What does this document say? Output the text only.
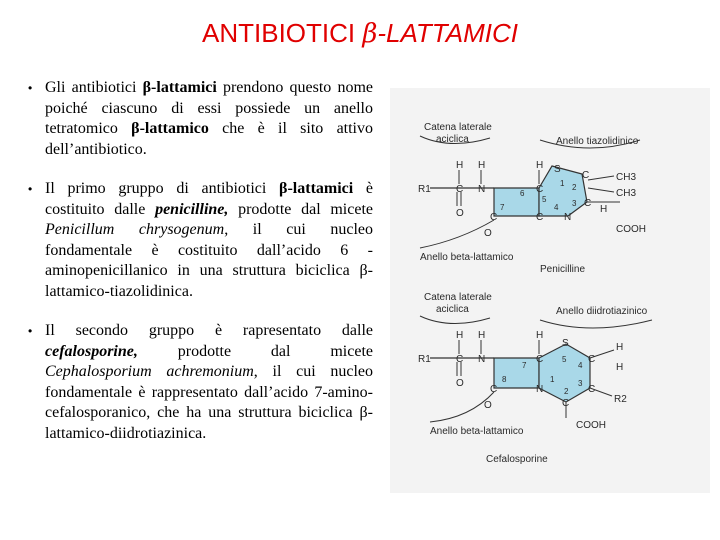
ANTIBIOTICI β-LATTAMICI
• Gli antibiotici β-lattamici prendono questo nome poiché ciascuno di essi possiede un anello tetratomico β-lattamico che è il sito attivo dell’antibiotico.
• Il primo gruppo di antibiotici β-lattamici è costituito dalle penicilline, prodotte dal micete Penicillum chrysogenum, il cui nucleo fondamentale è costituito dall’acido 6 -aminopenicillanico in una struttura biciclica β-lattamico-tiazolidinica.
• Il secondo gruppo è rapresentato dalle cefalosporine, prodotte dal micete Cephalosporium achremonium, il cui nucleo fondamentale è rappresentato dall’acido 7-amino-cefalosporanico, che ha una struttura biciclica β-lattamico-diidrotiazinica.
Catena laterale
aciclica	Anello tiazolidinico
R1	C N
H H
O
H
C
S
C
C
N
C	C
O
CH3
CH3
H
COOH
1 2
3
4
5
6
7
Anello beta-lattamico
Penicilline
Catena laterale
aciclica	Anello diidrotiazinico
R1	C N
H H
O
H
C
S
C
C
C
C	N
O
H
H
R2
COOH
5
4
3
2
1
7
8
Anello beta-lattamico
Cefalosporine
